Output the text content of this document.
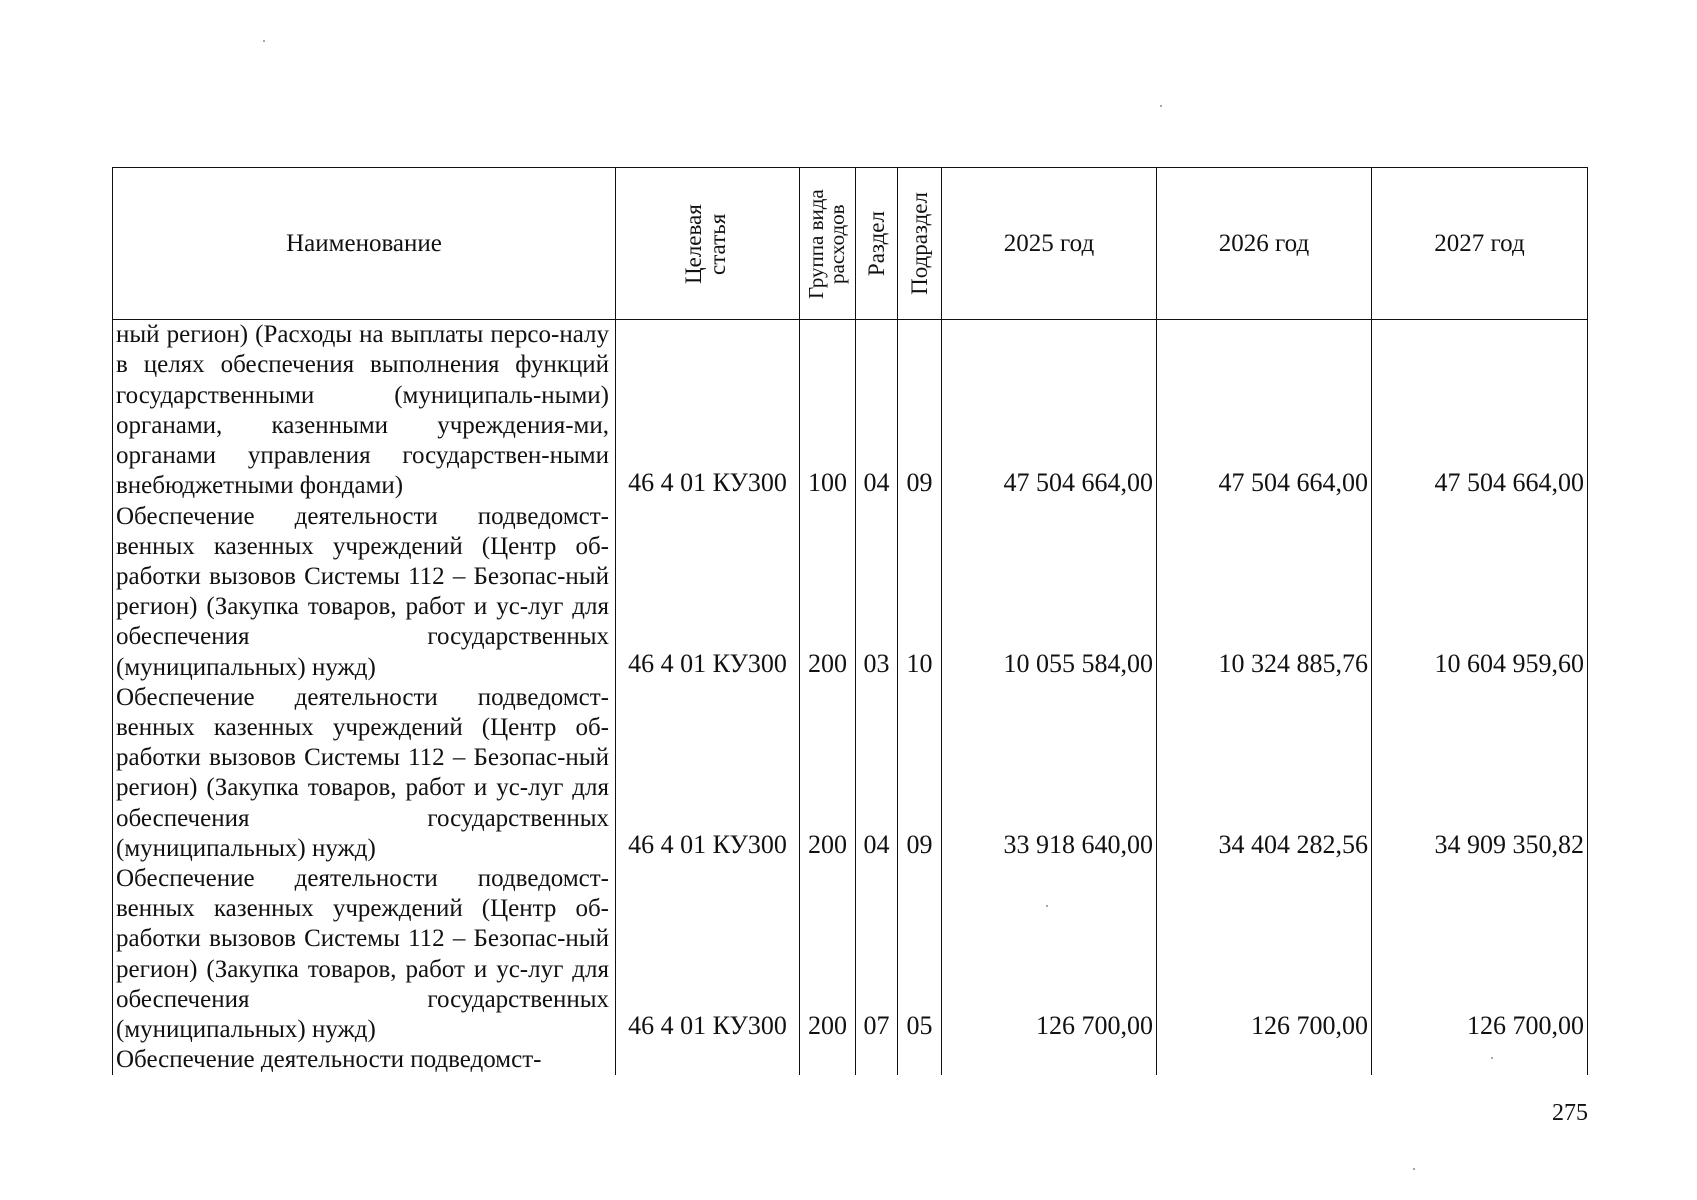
Наименование	Целевая статья	Группа вида расходов	Раздел	Подраздел	2025 год	2026 год	2027 год
ный регион) (Расходы на выплаты персо-налу в целях обеспечения выполнения функций государственными (муниципаль-ными) органами, казенными учреждения-ми, органами управления государствен-ными внебюджетными фондами)	46 4 01 КУ300	100	04	09	47 504 664,00	47 504 664,00	47 504 664,00
Обеспечение деятельности подведомст-венных казенных учреждений (Центр об-работки вызовов Системы 112 – Безопас-ный регион) (Закупка товаров, работ и ус-луг для обеспечения государственных (муниципальных) нужд)	46 4 01 КУ300	200	03	10	10 055 584,00	10 324 885,76	10 604 959,60
Обеспечение деятельности подведомст-венных казенных учреждений (Центр об-работки вызовов Системы 112 – Безопас-ный регион) (Закупка товаров, работ и ус-луг для обеспечения государственных (муниципальных) нужд)	46 4 01 КУ300	200	04	09	33 918 640,00	34 404 282,56	34 909 350,82
Обеспечение деятельности подведомст-венных казенных учреждений (Центр об-работки вызовов Системы 112 – Безопас-ный регион) (Закупка товаров, работ и ус-луг для обеспечения государственных (муниципальных) нужд)	46 4 01 КУ300	200	07	05	126 700,00	126 700,00	126 700,00
Обеспечение деятельности подведомст-							
275
